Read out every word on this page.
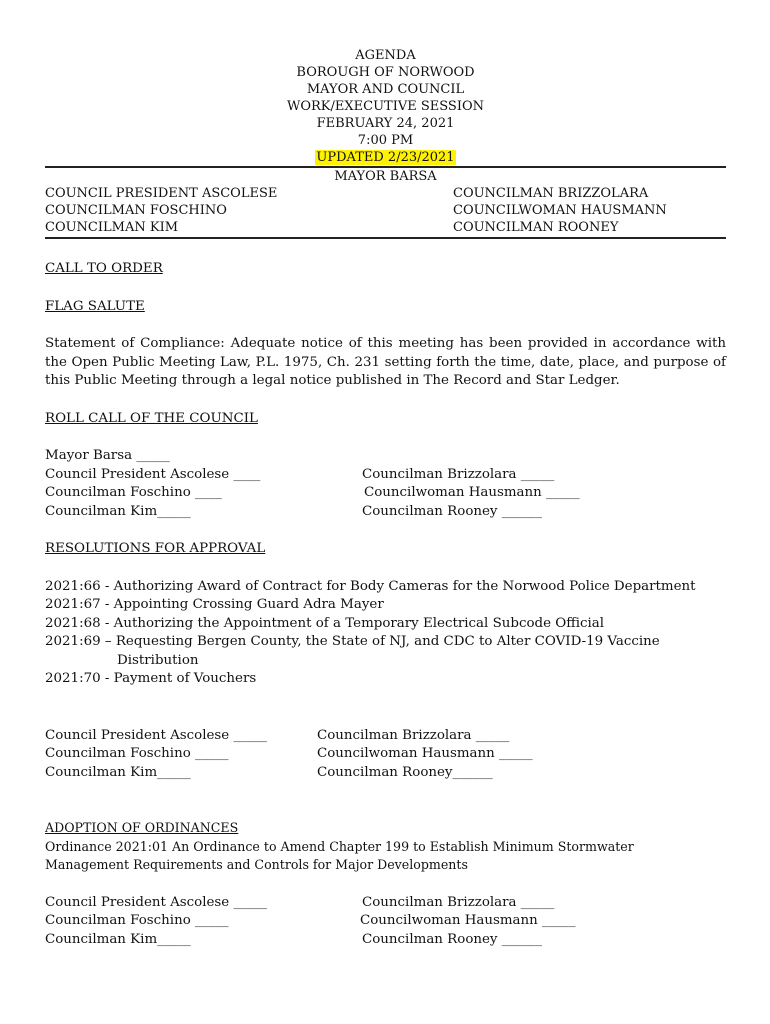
AGENDA
BOROUGH OF NORWOOD
MAYOR AND COUNCIL
WORK/EXECUTIVE SESSION
FEBRUARY 24, 2021
7:00 PM
UPDATED 2/23/2021
MAYOR BARSA
COUNCIL PRESIDENT ASCOLESE
COUNCILMAN FOSCHINO
COUNCILMAN KIM
COUNCILMAN BRIZZOLARA
COUNCILWOMAN HAUSMANN
COUNCILMAN ROONEY
CALL TO ORDER
FLAG SALUTE
Statement of Compliance: Adequate notice of this meeting has been provided in accordance with the Open Public Meeting Law, P.L. 1975, Ch. 231 setting forth the time, date, place, and purpose of this Public Meeting through a legal notice published in The Record and Star Ledger.
ROLL CALL OF THE COUNCIL
Mayor Barsa _____
Council President Ascolese ____
Councilman Foschino ____
Councilman Kim_____
Councilman Brizzolara _____
Councilwoman Hausmann _____
Councilman Rooney ______
RESOLUTIONS FOR APPROVAL
2021:66 - Authorizing Award of Contract for Body Cameras for the Norwood Police Department
2021:67 - Appointing Crossing Guard Adra Mayer
2021:68 - Authorizing the Appointment of a Temporary Electrical Subcode Official
2021:69 – Requesting Bergen County, the State of NJ, and CDC to Alter COVID-19 Vaccine
Distribution
2021:70 - Payment of Vouchers
Council President Ascolese _____
Councilman Foschino _____
Councilman Kim_____
Councilman Brizzolara _____
Councilwoman Hausmann _____
Councilman Rooney______
ADOPTION OF ORDINANCES
Ordinance 2021:01 An Ordinance to Amend Chapter 199 to Establish Minimum Stormwater
Management Requirements and Controls for Major Developments
Council President Ascolese _____
Councilman Foschino _____
Councilman Kim_____
Councilman Brizzolara _____
Councilwoman Hausmann _____
Councilman Rooney ______
